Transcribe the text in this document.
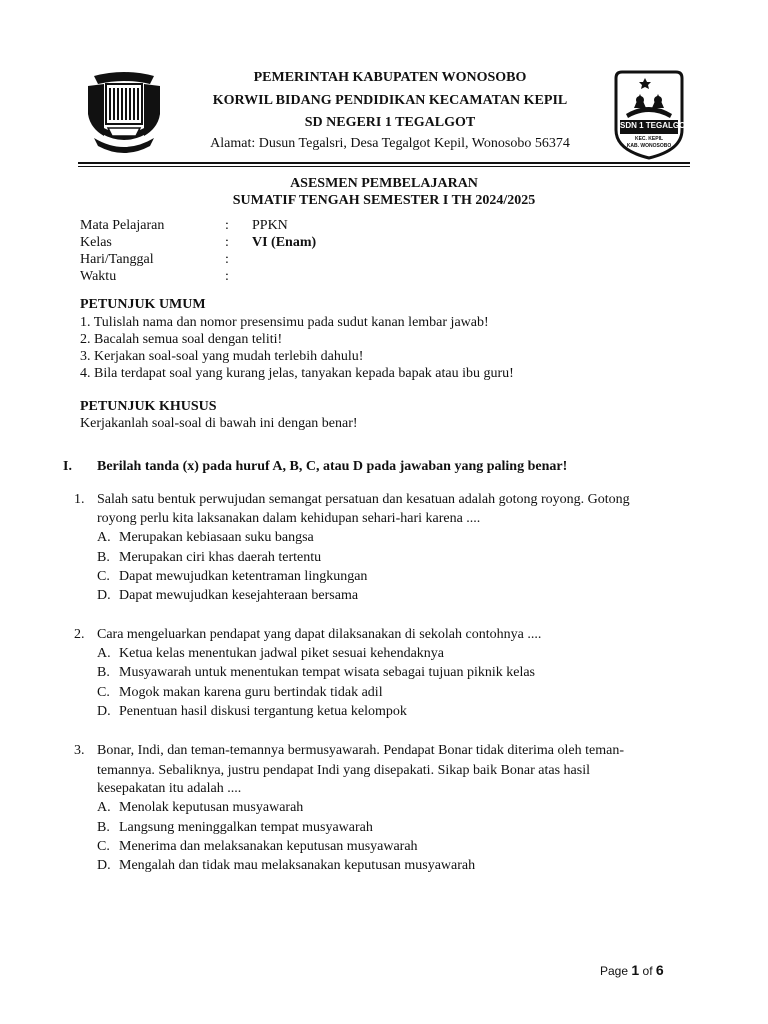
PEMERINTAH KABUPATEN WONOSOBO
KORWIL BIDANG PENDIDIKAN KECAMATAN KEPIL
SD NEGERI 1 TEGALGOT
Alamat: Dusun Tegalsri, Desa Tegalgot Kepil, Wonosobo 56374
SDN 1 TEGALGOT
KEC. KEPIL
KAB. WONOSOBO
ASESMEN PEMBELAJARAN
SUMATIF TENGAH SEMESTER I TH 2024/2025
Mata Pelajaran	: PPKN
Kelas	: VI (Enam)
Hari/Tanggal	:
Waktu	:
PETUNJUK UMUM
1. Tulislah nama dan nomor presensimu pada sudut kanan lembar jawab!
2. Bacalah semua soal dengan teliti!
3. Kerjakan soal-soal yang mudah terlebih dahulu!
4. Bila terdapat soal yang kurang jelas, tanyakan kepada bapak atau ibu guru!
PETUNJUK KHUSUS
Kerjakanlah soal-soal di bawah ini dengan benar!
I. Berilah tanda (x) pada huruf A, B, C, atau D pada jawaban yang paling benar!
1. Salah satu bentuk perwujudan semangat persatuan dan kesatuan adalah gotong royong. Gotong
royong perlu kita laksanakan dalam kehidupan sehari-hari karena ....
A. Merupakan kebiasaan suku bangsa
B. Merupakan ciri khas daerah tertentu
C. Dapat mewujudkan ketentraman lingkungan
D. Dapat mewujudkan kesejahteraan bersama
2. Cara mengeluarkan pendapat yang dapat dilaksanakan di sekolah contohnya ....
A. Ketua kelas menentukan jadwal piket sesuai kehendaknya
B. Musyawarah untuk menentukan tempat wisata sebagai tujuan piknik kelas
C. Mogok makan karena guru bertindak tidak adil
D. Penentuan hasil diskusi tergantung ketua kelompok
3. Bonar, Indi, dan teman-temannya bermusyawarah. Pendapat Bonar tidak diterima oleh teman-
temannya. Sebaliknya, justru pendapat Indi yang disepakati. Sikap baik Bonar atas hasil
kesepakatan itu adalah ....
A. Menolak keputusan musyawarah
B. Langsung meninggalkan tempat musyawarah
C. Menerima dan melaksanakan keputusan musyawarah
D. Mengalah dan tidak mau melaksanakan keputusan musyawarah
Page 1 of 6
